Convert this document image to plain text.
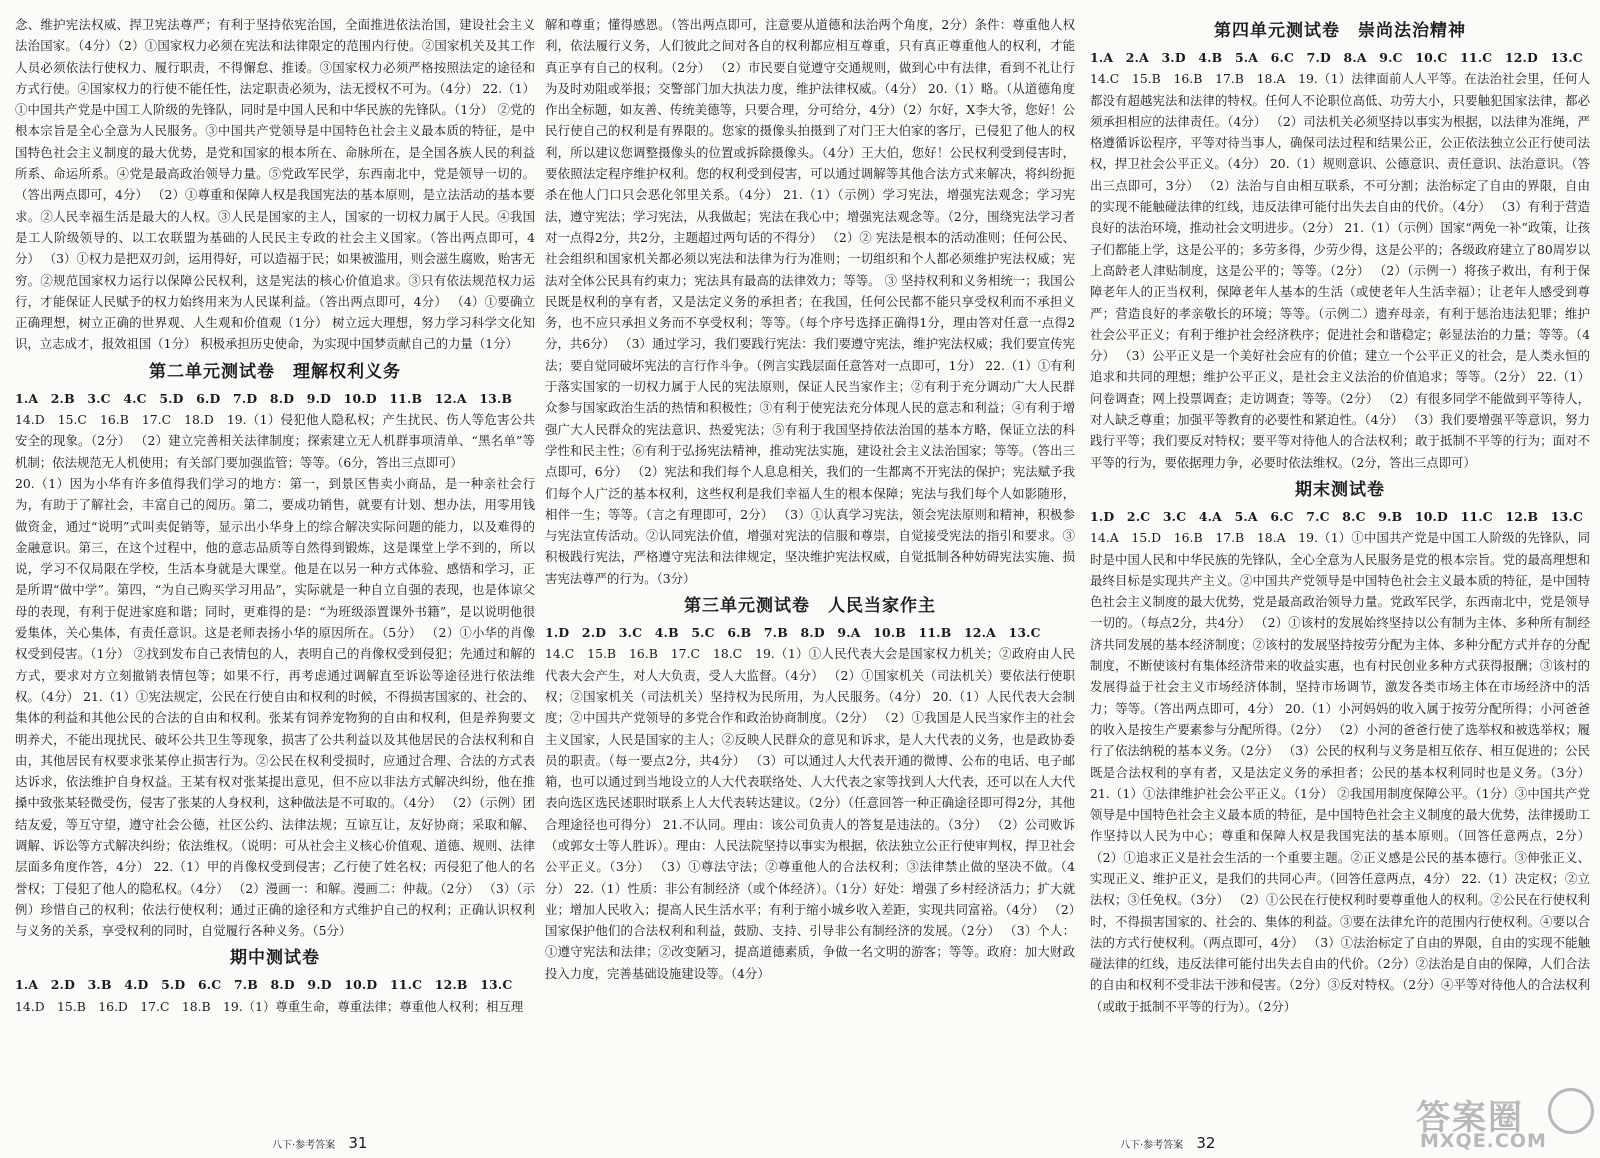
念、维护宪法权威、捍卫宪法尊严；有利于坚持依宪治国，全面推进依法治国，建设社会主义法治国家。（4分）（2）①国家权力必须在宪法和法律限定的范围内行使。②国家机关及其工作人员必须依法行使权力、履行职责，不得懈怠、推诿。③国家权力必须严格按照法定的途径和方式行使。④国家权力的行使不能任性，法定职责必须为，法无授权不可为。（4分） 22.（1）①中国共产党是中国工人阶级的先锋队，同时是中国人民和中华民族的先锋队。（1分） ②党的根本宗旨是全心全意为人民服务。③中国共产党领导是中国特色社会主义最本质的特征，是中国特色社会主义制度的最大优势，是党和国家的根本所在、命脉所在，是全国各族人民的利益所系、命运所系。④党是最高政治领导力量。⑤党政军民学，东西南北中，党是领导一切的。（答出两点即可，4分） （2）①尊重和保障人权是我国宪法的基本原则，是立法活动的基本要求。②人民幸福生活是最大的人权。③人民是国家的主人，国家的一切权力属于人民。④我国是工人阶级领导的、以工农联盟为基础的人民民主专政的社会主义国家。（答出两点即可，4分） （3）①权力是把双刃剑，运用得好，可以造福于民；如果被滥用，则会滋生腐败，贻害无穷。②规范国家权力运行以保障公民权利，这是宪法的核心价值追求。③只有依法规范权力运行，才能保证人民赋予的权力始终用来为人民谋利益。（答出两点即可，4分） （4）①要确立正确理想，树立正确的世界观、人生观和价值观（1分） 树立远大理想，努力学习科学文化知识，立志成才，报效祖国（1分） 积极承担历史使命，为实现中国梦贡献自己的力量（1分）

第二单元测试卷　理解权利义务

1.A　2.B　3.C　4.C　5.D　6.D　7.D　8.D　9.D　10.D　11.B　12.A　13.B

14.D　15.C　16.B　17.C　18.D　19.（1）侵犯他人隐私权；产生扰民、伤人等危害公共安全的现象。（2分） （2）建立完善相关法律制度；探索建立无人机群事项清单、“黑名单”等机制；依法规范无人机使用；有关部门要加强监管；等等。（6分，答出三点即可）

20.（1）因为小华有许多值得我们学习的地方：第一，到景区售卖小商品，是一种亲社会行为，有助于了解社会，丰富自己的阅历。第二，要成功销售，就要有计划、想办法，用零用钱做资金，通过“说明”式叫卖促销等，显示出小华身上的综合解决实际问题的能力，以及难得的金融意识。第三，在这个过程中，他的意志品质等自然得到锻炼，这是课堂上学不到的，所以说，学习不仅局限在学校，生活本身就是大课堂。他是在以另一种方式体验、感悟和学习，正是所谓“做中学”。第四，“为自己购买学习用品”，实际就是一种自立自强的表现，也是体谅父母的表现，有利于促进家庭和谐；同时，更难得的是：“为班级添置课外书籍”，是以说明他很爱集体，关心集体，有责任意识。这是老师表扬小华的原因所在。（5分） （2）①小华的肖像权受到侵害。（1分） ②找到发布自己表情包的人，表明自己的肖像权受到侵犯；先通过和解的方式，要求对方立刻撤销表情包等；如果不行，再考虑通过调解直至诉讼等途径进行依法维权。（4分） 21.（1）①宪法规定，公民在行使自由和权利的时候，不得损害国家的、社会的、集体的利益和其他公民的合法的自由和权利。张某有饲养宠物狗的自由和权利，但是养狗要文明养犬，不能出现扰民、破坏公共卫生等现象，损害了公共利益以及其他居民的合法权利和自由，其他居民有权要求张某停止损害行为。②公民在权利受损时，应通过合理、合法的方式表达诉求，依法维护自身权益。王某有权对张某提出意见，但不应以非法方式解决纠纷，他在推搡中致张某轻微受伤，侵害了张某的人身权利，这种做法是不可取的。（4分） （2）（示例）团结友爱，等互守望，遵守社会公德，社区公约、法律法规；互谅互让，友好协商；采取和解、调解、诉讼等方式解决纠纷；依法维权。（说明：可从社会主义核心价值观、道德、规则、法律层面多角度作答，4分） 22.（1）甲的肖像权受到侵害；乙行使了姓名权；丙侵犯了他人的名誉权；丁侵犯了他人的隐私权。（4分） （2）漫画一：和解。漫画二：仲裁。（2分） （3）（示例）珍惜自己的权利；依法行使权利；通过正确的途径和方式维护自己的权利；正确认识权利与义务的关系，享受权利的同时，自觉履行各种义务。（5分）

期中测试卷

1.A　2.D　3.B　4.D　5.D　6.C　7.B　8.D　9.D　10.D　11.C　12.B　13.C

14.D　15.B　16.D　17.C　18.B　19.（1）尊重生命，尊重法律；尊重他人权利；相互理

解和尊重；懂得感恩。（答出两点即可，注意要从道德和法治两个角度，2分）条件：尊重他人权利，依法履行义务，人们彼此之间对各自的权利都应相互尊重，只有真正尊重他人的权利，才能真正享有自己的权利。（2分） （2）市民要自觉遵守交通规则，做到心中有法律，看到不礼让行为及时劝阻或举报；交警部门加大执法力度，维护法律权威。（4分） 20.（1）略。（从道德角度作出全标题，如友善、传统美德等，只要合理，分可给分，4分）（2）尔好，X李大爷，您好！公民行使自己的权利是有界限的。您家的摄像头拍摄到了对门王大伯家的客厅，已侵犯了他人的权利，所以建议您调整摄像头的位置或拆除摄像头。（4分）王大伯，您好！公民权利受到侵害时，要依照法定程序维护权利。您的权利受到侵害，可以通过调解等其他合法方式来解决，将纠纷扼杀在他人门口只会恶化邻里关系。（4分） 21.（1）（示例）学习宪法，增强宪法观念；学习宪法，遵守宪法；学习宪法，从我做起；宪法在我心中；增强宪法观念等。（2分，围绕宪法学习者对一点得2分，共2分，主题超过两句话的不得分） （2）② 宪法是根本的活动准则；任何公民、社会组织和国家机关都必须以宪法和法律为行为准则；一切组织和个人都必须维护宪法权威；宪法对全体公民具有约束力；宪法具有最高的法律效力；等等。 ③ 坚持权利和义务相统一；我国公民既是权利的享有者，又是法定义务的承担者；在我国，任何公民都不能只享受权利而不承担义务，也不应只承担义务而不享受权利；等等。（每个序号选择正确得1分，理由答对任意一点得2分，共6分） （3）通过学习，我们要践行宪法：我们要遵守宪法，维护宪法权威；我们要宣传宪法；要自觉同破坏宪法的言行作斗争。（例言实践层面任意答对一点即可，1分） 22.（1）①有利于落实国家的一切权力属于人民的宪法原则，保证人民当家作主；②有利于充分调动广大人民群众参与国家政治生活的热情和积极性；③有利于使宪法充分体现人民的意志和利益；④有利于增强广大人民群众的宪法意识、热爱宪法；⑤有利于我国坚持依法治国的基本方略，保证立法的科学性和民主性；⑥有利于弘扬宪法精神，推动宪法实施，建设社会主义法治国家；等等。（答出三点即可，6分） （2）宪法和我们每个人息息相关，我们的一生都离不开宪法的保护；宪法赋予我们每个人广泛的基本权利，这些权利是我们幸福人生的根本保障；宪法与我们每个人如影随形，相伴一生；等等。（言之有理即可，2分） （3）①认真学习宪法，领会宪法原则和精神，积极参与宪法宣传活动。②认同宪法价值，增强对宪法的信服和尊崇，自觉接受宪法的指引和要求。③积极践行宪法，严格遵守宪法和法律规定，坚决维护宪法权威，自觉抵制各种妨碍宪法实施、损害宪法尊严的行为。（3分）

第三单元测试卷　人民当家作主

1.D　2.D　3.C　4.B　5.C　6.B　7.B　8.D　9.A　10.B　11.B　12.A　13.C

14.C　15.B　16.B　17.C　18.C　19.（1）①人民代表大会是国家权力机关；②政府由人民代表大会产生，对人大负责，受人大监督。（4分） （2）①国家机关（司法机关）要依法行使职权；②国家机关（司法机关）坚持权为民所用，为人民服务。（4分） 20.（1）人民代表大会制度；②中国共产党领导的多党合作和政治协商制度。（2分） （2）①我国是人民当家作主的社会主义国家，人民是国家的主人；②反映人民群众的意见和诉求，是人大代表的义务，也是政协委员的职责。（每一要点2分，共4分） （3）可以通过人大代表开通的微博、公布的电话、电子邮箱，也可以通过到当地设立的人大代表联络处、人大代表之家等找到人大代表，还可以在人大代表向选区选民述职时联系上人大代表转达建议。（2分）（任意回答一种正确途径即可得2分，其他合理途径也可得分） 21.不认同。理由：该公司负责人的答复是违法的。（3分） （2）公司败诉（或郭女士等人胜诉）。理由：人民法院坚持以事实为根据，依法独立公正行使审判权，捍卫社会公平正义。（3分） （3）①尊法守法；②尊重他人的合法权利；③法律禁止做的坚决不做。（4分） 22.（1）性质：非公有制经济（或个体经济）。（1分）好处：增强了乡村经济活力；扩大就业；增加人民收入；提高人民生活水平；有利于缩小城乡收入差距，实现共同富裕。（4分） （2）国家保护他们的合法权利和利益，鼓励、支持、引导非公有制经济的发展。（2分） （3）个人：①遵守宪法和法律；②改变陋习，提高道德素质，争做一名文明的游客；等等。政府：加大财政投入力度，完善基础设施建设等。（4分）

第四单元测试卷　崇尚法治精神

1.A　2.A　3.D　4.B　5.A　6.C　7.D　8.A　9.C　10.C　11.C　12.D　13.C

14.C　15.B　16.B　17.B　18.A　19.（1）法律面前人人平等。在法治社会里，任何人都没有超越宪法和法律的特权。任何人不论职位高低、功劳大小，只要触犯国家法律，都必须承担相应的法律责任。（4分） （2）司法机关必须坚持以事实为根据，以法律为准绳，严格遵循诉讼程序，平等对待当事人，确保司法过程和结果公正，公正依法独立公正行使司法权，捍卫社会公平正义。（4分） 20.（1）规则意识、公德意识、责任意识、法治意识。（答出三点即可，3分） （2）法治与自由相互联系，不可分割；法治标定了自由的界限，自由的实现不能触碰法律的红线，违反法律可能付出失去自由的代价。（4分） （3）有利于营造良好的法治环境，推动社会文明进步。（2分） 21.（1）（示例）国家“两免一补”政策，让孩子们都能上学，这是公平的；多劳多得，少劳少得，这是公平的；各级政府建立了80周岁以上高龄老人津贴制度，这是公平的；等等。（2分） （2）（示例一）将孩子救出，有利于保障老年人的正当权利，保障老年人基本的生活（或使老年人生活幸福）；让老年人感受到尊严；营造良好的孝亲敬长的环境；等等。（示例二）遗弃母亲，有利于惩治违法犯罪；维护社会公平正义；有利于维护社会经济秩序；促进社会和谐稳定；彰显法治的力量；等等。（4分） （3）公平正义是一个美好社会应有的价值；建立一个公平正义的社会，是人类永恒的追求和共同的理想；维护公平正义，是社会主义法治的价值追求；等等。（2分） 22.（1）问卷调查；网上投票调查；走访调查；等等。（2分） （2）有很多同学不能做到平等待人，对人缺乏尊重；加强平等教育的必要性和紧迫性。（4分） （3）我们要增强平等意识，努力践行平等；我们要反对特权；要平等对待他人的合法权利；敢于抵制不平等的行为；面对不平等的行为，要依据理力争，必要时依法维权。（2分，答出三点即可）

期末测试卷

1.D　2.C　3.C　4.A　5.A　6.C　7.C　8.C　9.B　10.D　11.C　12.B　13.C

14.A　15.D　16.B　17.B　18.A　19.（1）①中国共产党是中国工人阶级的先锋队，同时是中国人民和中华民族的先锋队，全心全意为人民服务是党的根本宗旨。党的最高理想和最终目标是实现共产主义。②中国共产党领导是中国特色社会主义最本质的特征，是中国特色社会主义制度的最大优势，党是最高政治领导力量。党政军民学，东西南北中，党是领导一切的。（每点2分，共4分） （2）①该村的发展始终坚持以公有制为主体、多种所有制经济共同发展的基本经济制度；②该村的发展坚持按劳分配为主体、多种分配方式并存的分配制度，不断使该村有集体经济带来的收益实惠，也有村民创业多种方式获得报酬；③该村的发展得益于社会主义市场经济体制，坚持市场调节，激发各类市场主体在市场经济中的活力；等等。（答出两点即可，4分） 20.（1）小河妈妈的收入属于按劳分配所得；小河爸爸的收入是按生产要素参与分配所得。（2分） （2）小河的爸爸行使了选举权和被选举权；履行了依法纳税的基本义务。（2分） （3）公民的权利与义务是相互依存、相互促进的；公民既是合法权利的享有者，又是法定义务的承担者；公民的基本权利同时也是义务。（3分） 21.（1）①法律维护社会公平正义。（1分） ②我国用制度保障公平。（1分）③中国共产党领导是中国特色社会主义最本质的特征，是中国特色社会主义制度的最大优势，法律援助工作坚持以人民为中心；尊重和保障人权是我国宪法的基本原则。（回答任意两点，2分） （2）①追求正义是社会生活的一个重要主题。②正义感是公民的基本德行。③伸张正义、实现正义、维护正义，是我们的共同心声。（回答任意两点，4分） 22.（1）决定权；②立法权；③任免权。（3分） （2）①公民在行使权利时要尊重他人的权利。②公民在行使权利时，不得损害国家的、社会的、集体的利益。③要在法律允许的范围内行使权利。④要以合法的方式行使权利。（两点即可，4分） （3）①法治标定了自由的界限，自由的实现不能触碰法律的红线，违反法律可能付出失去自由的代价。（2分）②法治是自由的保障，人们合法的自由和权利不受非法干涉和侵害。（2分）③反对特权。（2分）④平等对待他人的合法权利（或敢于抵制不平等的行为）。（2分）

八下·参考答案 31	八下·参考答案 32
答案圈
MXQE.COM
